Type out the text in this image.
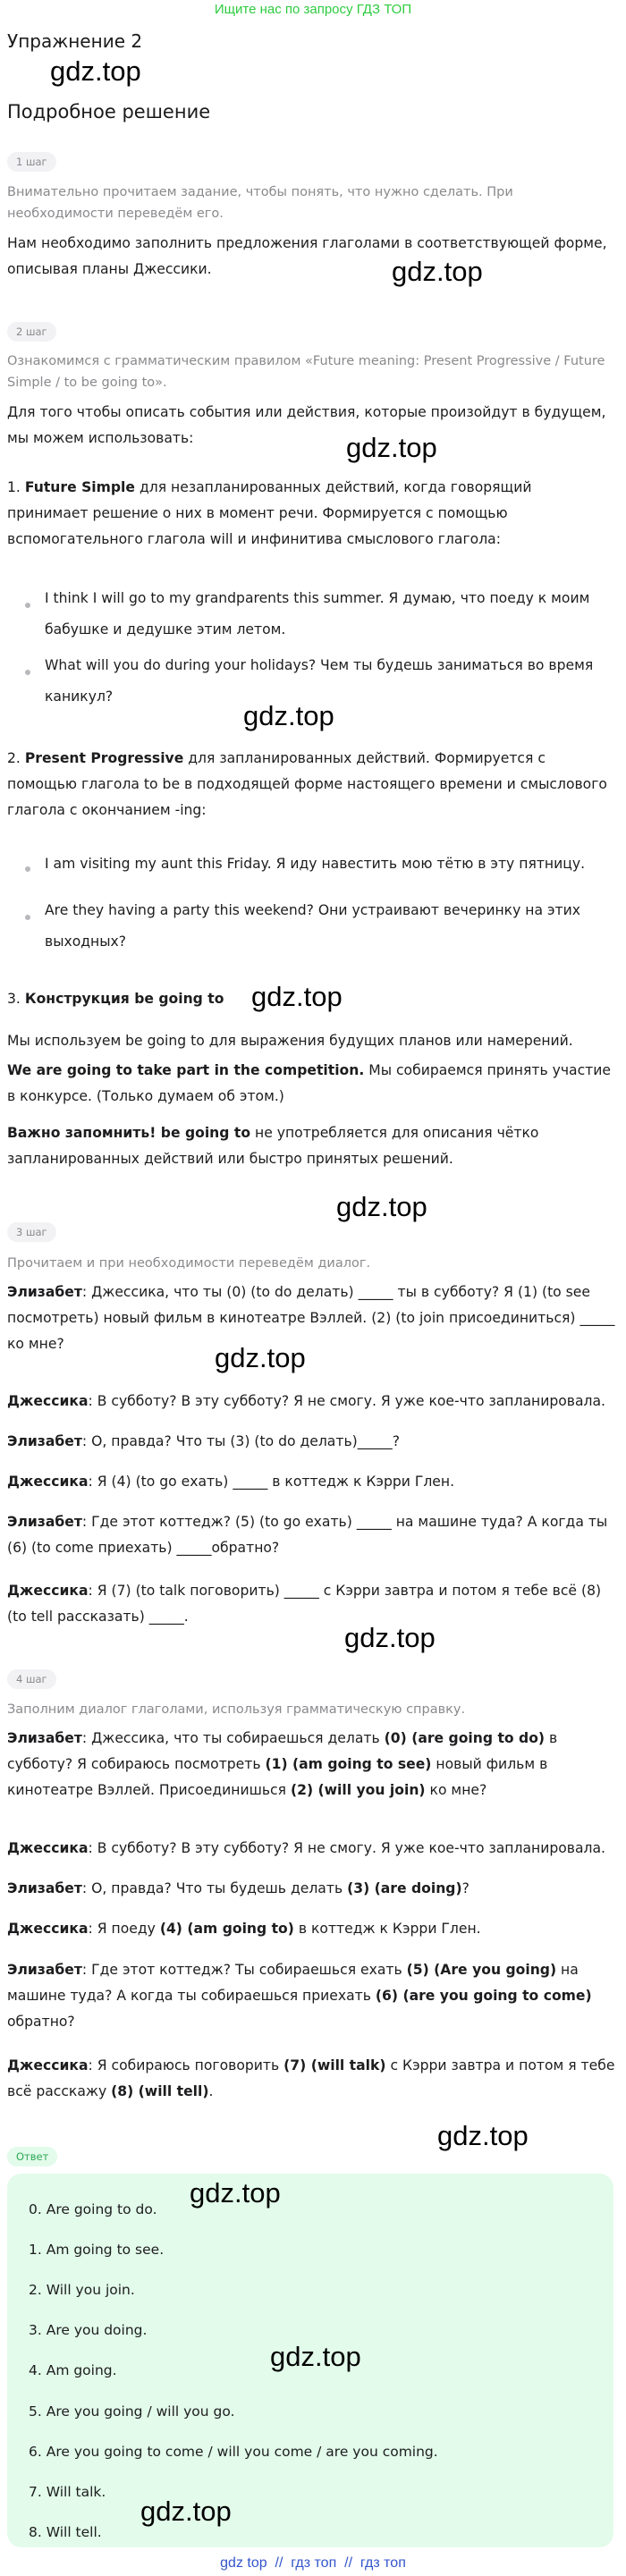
Ищите нас по запросу ГДЗ ТОП
Упражнение 2
gdz.top
Подробное решение
1 шаг
Внимательно прочитаем задание, чтобы понять, что нужно сделать. При необходимости переведём его.
Нам необходимо заполнить предложения глаголами в соответствующей форме, описывая планы Джессики.	gdz.top
2 шаг
Ознакомимся с грамматическим правилом «Future meaning: Present Progressive / Future Simple / to be going to».
Для того чтобы описать события или действия, которые произойдут в будущем, мы можем использовать:	gdz.top
1. Future Simple для незапланированных действий, когда говорящий принимает решение о них в момент речи. Формируется с помощью вспомогательного глагола will и инфинитива смыслового глагола:
I think I will go to my grandparents this summer. Я думаю, что поеду к моим бабушке и дедушке этим летом.
What will you do during your holidays? Чем ты будешь заниматься во время каникул?
gdz.top
2. Present Progressive для запланированных действий. Формируется с помощью глагола to be в подходящей форме настоящего времени и смыслового глагола с окончанием -ing:
I am visiting my aunt this Friday. Я иду навестить мою тётю в эту пятницу.
Are they having a party this weekend? Они устраивают вечеринку на этих выходных?
3. Конструкция be going to gdz.top
Мы используем be going to для выражения будущих планов или намерений.
We are going to take part in the competition. Мы собираемся принять участие в конкурсе. (Только думаем об этом.)
Важно запомнить! be going to не употребляется для описания чётко запланированных действий или быстро принятых решений.
gdz.top
3 шаг
Прочитаем и при необходимости переведём диалог.
Элизабет: Джессика, что ты (0) (to do делать) _____ ты в субботу? Я (1) (to see посмотреть) новый фильм в кинотеатре Вэллей. (2) (to join присоединиться) _____ ко мне?	gdz.top
Джессика: В субботу? В эту субботу? Я не смогу. Я уже кое-что запланировала.
Элизабет: О, правда? Что ты (3) (to do делать)_____?
Джессика: Я (4) (to go ехать) _____ в коттедж к Кэрри Глен.
Элизабет: Где этот коттедж? (5) (to go ехать) _____ на машине туда? А когда ты (6) (to come приехать) _____обратно?
Джессика: Я (7) (to talk поговорить) _____ с Кэрри завтра и потом я тебе всё (8) (to tell рассказать) _____.
gdz.top
4 шаг
Заполним диалог глаголами, используя грамматическую справку.
Элизабет: Джессика, что ты собираешься делать (0) (are going to do) в субботу? Я собираюсь посмотреть (1) (am going to see) новый фильм в кинотеатре Вэллей. Присоединишься (2) (will you join) ко мне?
Джессика: В субботу? В эту субботу? Я не смогу. Я уже кое-что запланировала.
Элизабет: О, правда? Что ты будешь делать (3) (are doing)?
Джессика: Я поеду (4) (am going to) в коттедж к Кэрри Глен.
Элизабет: Где этот коттедж? Ты собираешься ехать (5) (Are you going) на машине туда? А когда ты собираешься приехать (6) (are you going to come) обратно?
Джессика: Я собираюсь поговорить (7) (will talk) с Кэрри завтра и потом я тебе всё расскажу (8) (will tell).
gdz.top
Ответ
gdz.top
0. Are going to do.
1. Am going to see.
2. Will you join.
3. Are you doing.
gdz.top
4. Am going.
5. Are you going / will you go.
6. Are you going to come / will you come / are you coming.
7. Will talk.
gdz.top
8. Will tell.
gdz top  //  гдз топ  //  гдз топ
